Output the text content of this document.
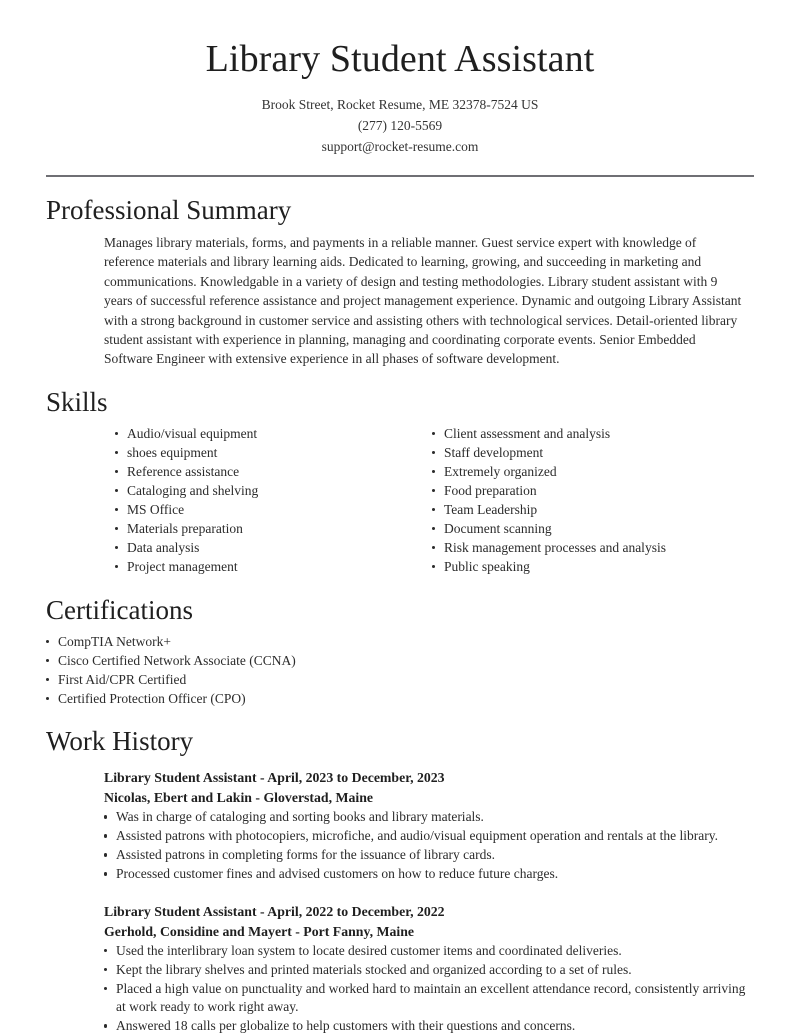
Library Student Assistant

Brook Street, Rocket Resume, ME 32378-7524 US

(277) 120-5569

support@rocket-resume.com

Professional Summary

Manages library materials, forms, and payments in a reliable manner. Guest service expert with knowledge of reference materials and library learning aids. Dedicated to learning, growing, and succeeding in marketing and communications. Knowledgable in a variety of design and testing methodologies. Library student assistant with 9 years of successful reference assistance and project management experience. Dynamic and outgoing Library Assistant with a strong background in customer service and assisting others with technological services. Detail-oriented library student assistant with experience in planning, managing and coordinating corporate events. Senior Embedded Software Engineer with extensive experience in all phases of software development.

Skills
Audio/visual equipment
shoes equipment
Reference assistance
Cataloging and shelving
MS Office
Materials preparation
Data analysis
Project management
Client assessment and analysis
Staff development
Extremely organized
Food preparation
Team Leadership
Document scanning
Risk management processes and analysis
Public speaking
Certifications
CompTIA Network+
Cisco Certified Network Associate (CCNA)
First Aid/CPR Certified
Certified Protection Officer (CPO)
Work History

Library Student Assistant - April, 2023 to December, 2023

Nicolas, Ebert and Lakin - Gloverstad, Maine

Was in charge of cataloging and sorting books and library materials.
Assisted patrons with photocopiers, microfiche, and audio/visual equipment operation and rentals at the library.
Assisted patrons in completing forms for the issuance of library cards.
Processed customer fines and advised customers on how to reduce future charges.

Library Student Assistant - April, 2022 to December, 2022

Gerhold, Considine and Mayert - Port Fanny, Maine

Used the interlibrary loan system to locate desired customer items and coordinated deliveries.
Kept the library shelves and printed materials stocked and organized according to a set of rules.
Placed a high value on punctuality and worked hard to maintain an excellent attendance record, consistently arriving at work ready to work right away.
Answered 18 calls per globalize to help customers with their questions and concerns.
